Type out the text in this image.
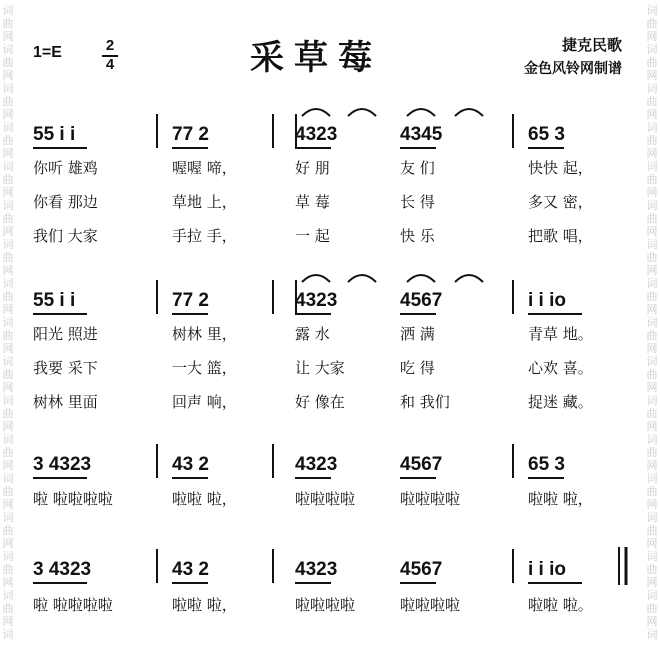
词
曲
网
词
曲
网
词
曲
网
词
曲
网
词
曲
网
词
曲
网
词
曲
网
词
曲
网
词
曲
网
词
曲
网
词
曲
网
词
曲
网
词
曲
网
词
曲
网
词
曲
网
词
曲
网
词
词
曲
网
词
曲
网
词
曲
网
词
曲
网
词
曲
网
词
曲
网
词
曲
网
词
曲
网
词
曲
网
词
曲
网
词
曲
网
词
曲
网
词
曲
网
词
曲
网
词
曲
网
词
曲
网
词
1=E	2
4	采草莓	捷克民歌
金色风铃网制谱
55 i i	77 2	4323	4345	65 3
你听 雄鸡	喔喔 啼，	好 朋	友 们	快快 起，
你看 那边	草地 上，	草 莓	长 得	多又 密，
我们 大家	手拉 手，	一 起	快 乐	把歌 唱，
55 i i	77 2	4323	4567	i i io
阳光 照进	树林 里，	露 水	洒 满	青草 地。
我要 采下	一大 篮，	让 大家	吃 得	心欢 喜。
树林 里面	回声 响，	好 像在	和 我们	捉迷 藏。
3 4323	43 2	4323	4567	65 3
啦 啦啦啦啦	啦啦 啦，	啦啦啦啦	啦啦啦啦	啦啦 啦，
3 4323	43 2	4323	4567	i i io
啦 啦啦啦啦	啦啦 啦，	啦啦啦啦	啦啦啦啦	啦啦 啦。
